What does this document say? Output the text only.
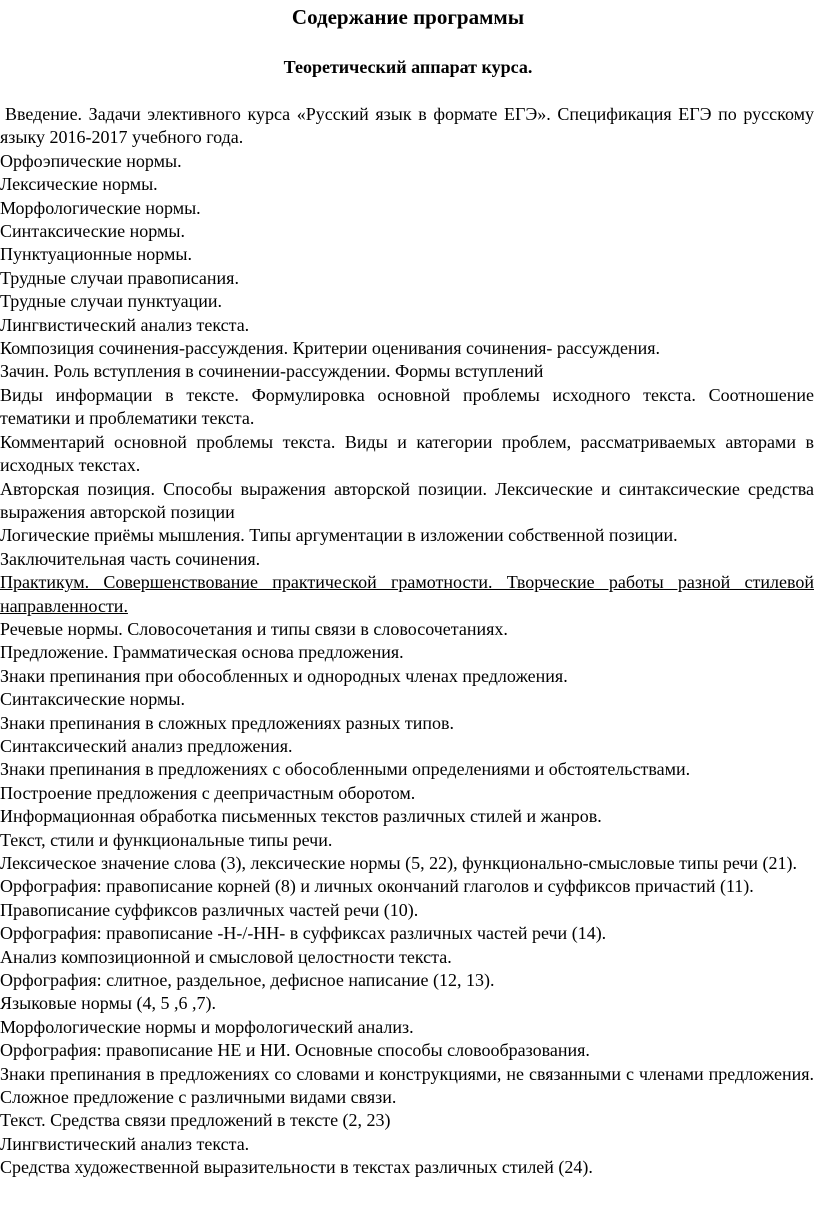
Содержание программы
Теоретический аппарат курса.

Введение. Задачи элективного курса «Русский язык в формате ЕГЭ». Спецификация ЕГЭ по русскому языку 2016-2017 учебного года.

Орфоэпические нормы.

Лексические нормы.

Морфологические нормы.

Синтаксические нормы.

Пунктуационные нормы.

Трудные случаи правописания.

Трудные случаи пунктуации.

Лингвистический анализ текста.

Композиция сочинения-рассуждения. Критерии оценивания сочинения- рассуждения.

Зачин. Роль вступления в сочинении-рассуждении. Формы вступлений

Виды информации в тексте. Формулировка основной проблемы исходного текста. Соотношение тематики и проблематики текста.

Комментарий основной проблемы текста. Виды и категории проблем, рассматриваемых авторами в исходных текстах.

Авторская позиция. Способы выражения авторской позиции. Лексические и синтаксические средства выражения авторской позиции

Логические приёмы мышления. Типы аргументации в изложении собственной позиции.

Заключительная часть сочинения.

Практикум. Совершенствование практической грамотности. Творческие работы разной стилевой направленности.

Речевые нормы. Словосочетания и типы связи в словосочетаниях.

Предложение. Грамматическая основа предложения.

Знаки препинания при обособленных и однородных членах предложения.

Синтаксические нормы.

Знаки препинания в сложных предложениях разных типов.

Синтаксический анализ предложения.

Знаки препинания в предложениях с обособленными определениями и обстоятельствами.

Построение предложения с деепричастным оборотом.

Информационная обработка письменных текстов различных стилей и жанров.

Текст, стили и функциональные типы речи.

Лексическое значение слова (3), лексические нормы (5, 22), функционально-смысловые типы речи (21).

Орфография: правописание корней (8) и личных окончаний глаголов и суффиксов причастий (11).

Правописание суффиксов различных частей речи (10).

Орфография: правописание -Н-/-НН- в суффиксах различных частей речи (14).

Анализ композиционной и смысловой целостности текста.

Орфография: слитное, раздельное, дефисное написание (12, 13).

Языковые нормы (4, 5 ,6 ,7).

Морфологические нормы и морфологический анализ.

Орфография: правописание НЕ и НИ. Основные способы словообразования.

Знаки препинания в предложениях со словами и конструкциями, не связанными с членами предложения. Сложное предложение с различными видами связи.

Текст. Средства связи предложений в тексте (2, 23)

Лингвистический анализ текста.

Средства художественной выразительности в текстах различных стилей (24).
